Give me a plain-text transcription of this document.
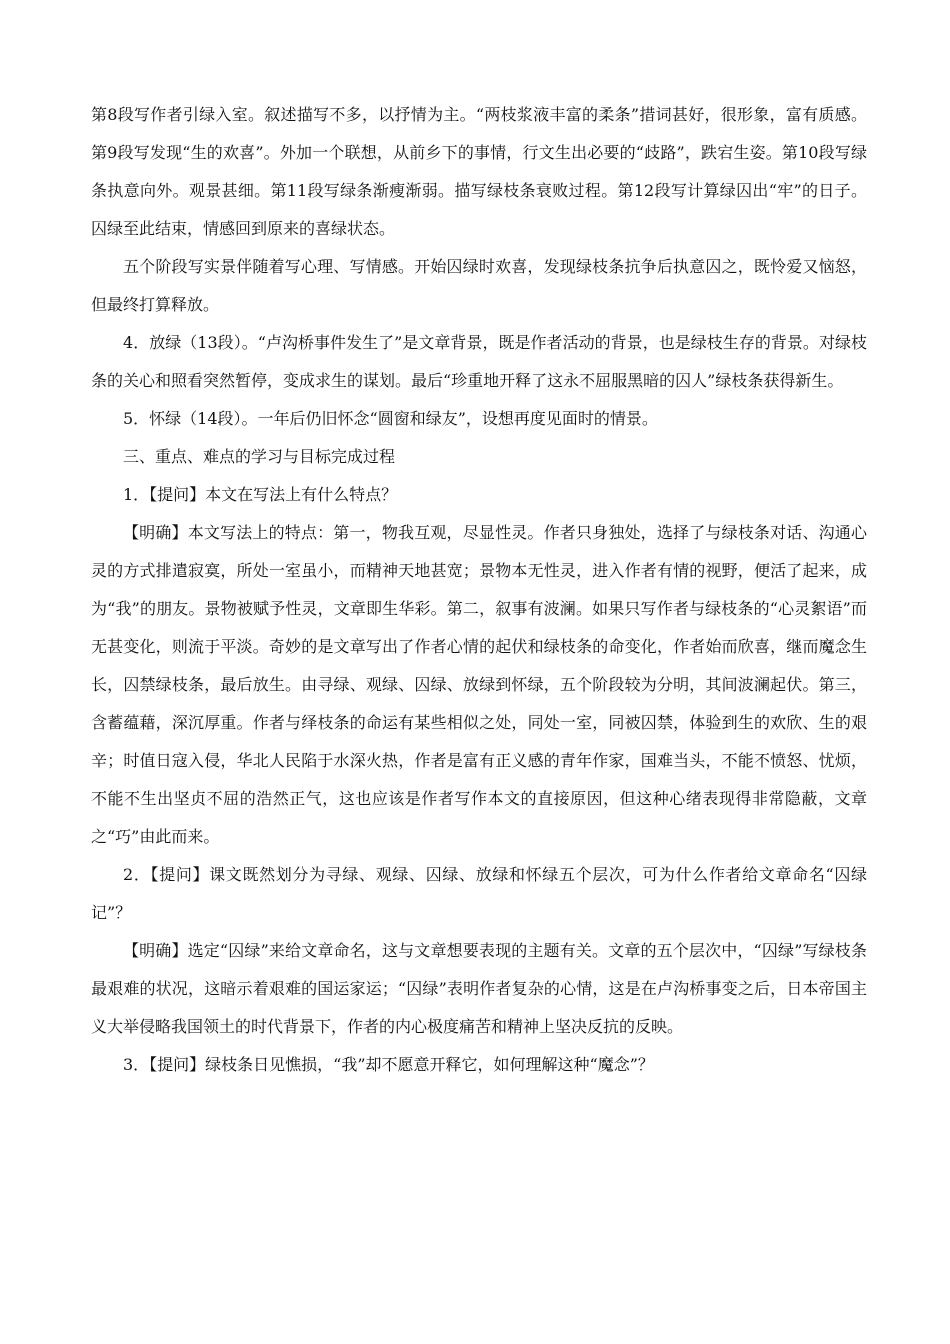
第8段写作者引绿入室。叙述描写不多，以抒情为主。“两枝浆液丰富的柔条”措词甚好，很形象，富有质感。第9段写发现“生的欢喜”。外加一个联想，从前乡下的事情，行文生出必要的“歧路”，跌宕生姿。第10段写绿条执意向外。观景甚细。第11段写绿条渐瘦渐弱。描写绿枝条衰败过程。第12段写计算绿囚出“牢”的日子。囚绿至此结束，情感回到原来的喜绿状态。

五个阶段写实景伴随着写心理、写情感。开始囚绿时欢喜，发现绿枝条抗争后执意囚之，既怜爱又恼怒，但最终打算释放。

4．放绿（13段）。“卢沟桥事件发生了”是文章背景，既是作者活动的背景，也是绿枝生存的背景。对绿枝条的关心和照看突然暂停，变成求生的谋划。最后“珍重地开释了这永不屈服黑暗的囚人”绿枝条获得新生。

5．怀绿（14段）。一年后仍旧怀念“圆窗和绿友”，设想再度见面时的情景。

三、重点、难点的学习与目标完成过程

1．【提问】本文在写法上有什么特点？

【明确】本文写法上的特点：第一，物我互观，尽显性灵。作者只身独处，选择了与绿枝条对话、沟通心灵的方式排遣寂寞，所处一室虽小，而精神天地甚宽；景物本无性灵，进入作者有情的视野，便活了起来，成为“我”的朋友。景物被赋予性灵，文章即生华彩。第二，叙事有波澜。如果只写作者与绿枝条的“心灵絮语”而无甚变化，则流于平淡。奇妙的是文章写出了作者心情的起伏和绿枝条的命变化，作者始而欣喜，继而魔念生长，囚禁绿枝条，最后放生。由寻绿、观绿、囚绿、放绿到怀绿，五个阶段较为分明，其间波澜起伏。第三，含蓄蕴藉，深沉厚重。作者与绎枝条的命运有某些相似之处，同处一室，同被囚禁，体验到生的欢欣、生的艰辛；时值日寇入侵，华北人民陷于水深火热，作者是富有正义感的青年作家，国难当头，不能不愤怒、忧烦，不能不生出坚贞不屈的浩然正气，这也应该是作者写作本文的直接原因，但这种心绪表现得非常隐蔽，文章之“巧”由此而来。

2．【提问】课文既然划分为寻绿、观绿、囚绿、放绿和怀绿五个层次，可为什么作者给文章命名“囚绿记”？

【明确】选定“囚绿”来给文章命名，这与文章想要表现的主题有关。文章的五个层次中，“囚绿”写绿枝条最艰难的状况，这暗示着艰难的国运家运；“囚绿”表明作者复杂的心情，这是在卢沟桥事变之后，日本帝国主义大举侵略我国领土的时代背景下，作者的内心极度痛苦和精神上坚决反抗的反映。

3．【提问】绿枝条日见憔损，“我”却不愿意开释它，如何理解这种“魔念”？
